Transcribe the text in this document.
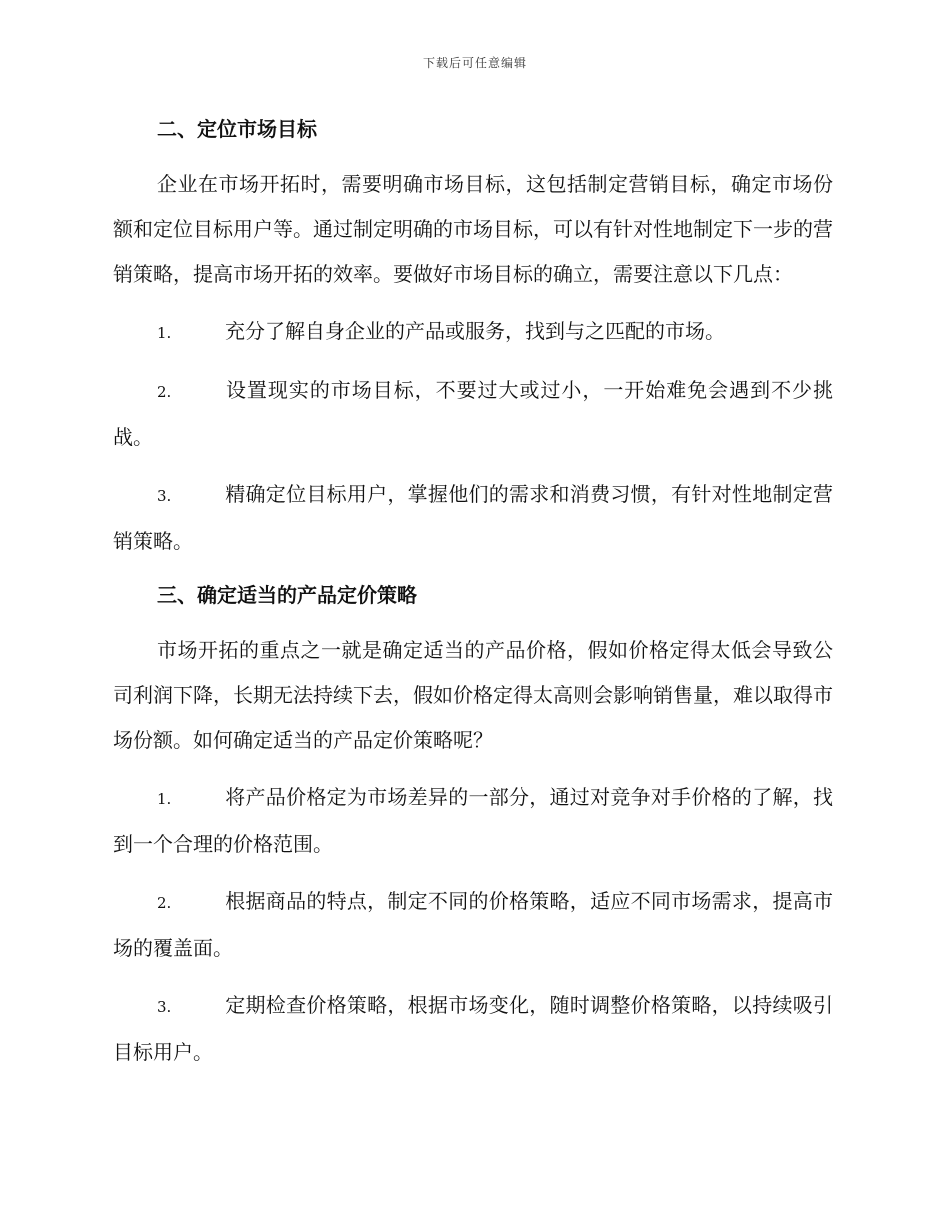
下载后可任意编辑
二、定位市场目标

企业在市场开拓时，需要明确市场目标，这包括制定营销目标，确定市场份额和定位目标用户等。通过制定明确的市场目标，可以有针对性地制定下一步的营销策略，提高市场开拓的效率。要做好市场目标的确立，需要注意以下几点：

1.	充分了解自身企业的产品或服务，找到与之匹配的市场。

2.	设置现实的市场目标，不要过大或过小，一开始难免会遇到不少挑战。

3.	精确定位目标用户，掌握他们的需求和消费习惯，有针对性地制定营销策略。

三、确定适当的产品定价策略

市场开拓的重点之一就是确定适当的产品价格，假如价格定得太低会导致公司利润下降，长期无法持续下去，假如价格定得太高则会影响销售量，难以取得市场份额。如何确定适当的产品定价策略呢？

1.	将产品价格定为市场差异的一部分，通过对竞争对手价格的了解，找到一个合理的价格范围。

2.	根据商品的特点，制定不同的价格策略，适应不同市场需求，提高市场的覆盖面。

3.	定期检查价格策略，根据市场变化，随时调整价格策略，以持续吸引目标用户。
